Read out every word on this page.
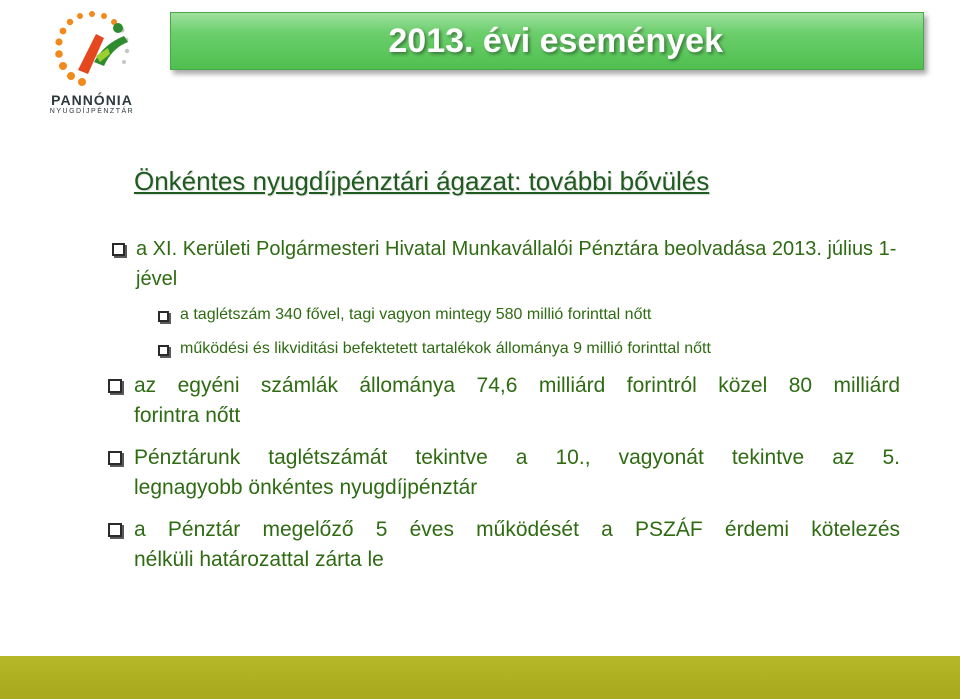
PANNÓNIA
NYUGDÍJPÉNZTÁR
2013. évi események
Önkéntes nyugdíjpénztári ágazat: további bővülés
a XI. Kerületi Polgármesteri Hivatal Munkavállalói Pénztára beolvadása 2013. július 1-jével
a taglétszám 340 fővel, tagi vagyon mintegy 580 millió forinttal nőtt
működési és likviditási befektetett tartalékok állománya 9 millió forinttal nőtt
az egyéni számlák állománya 74,6 milliárd forintról közel 80 milliárd
forintra nőtt
Pénztárunk taglétszámát tekintve a 10., vagyonát tekintve az 5.
legnagyobb önkéntes nyugdíjpénztár
a Pénztár megelőző 5 éves működését a PSZÁF érdemi kötelezés
nélküli határozattal zárta le
